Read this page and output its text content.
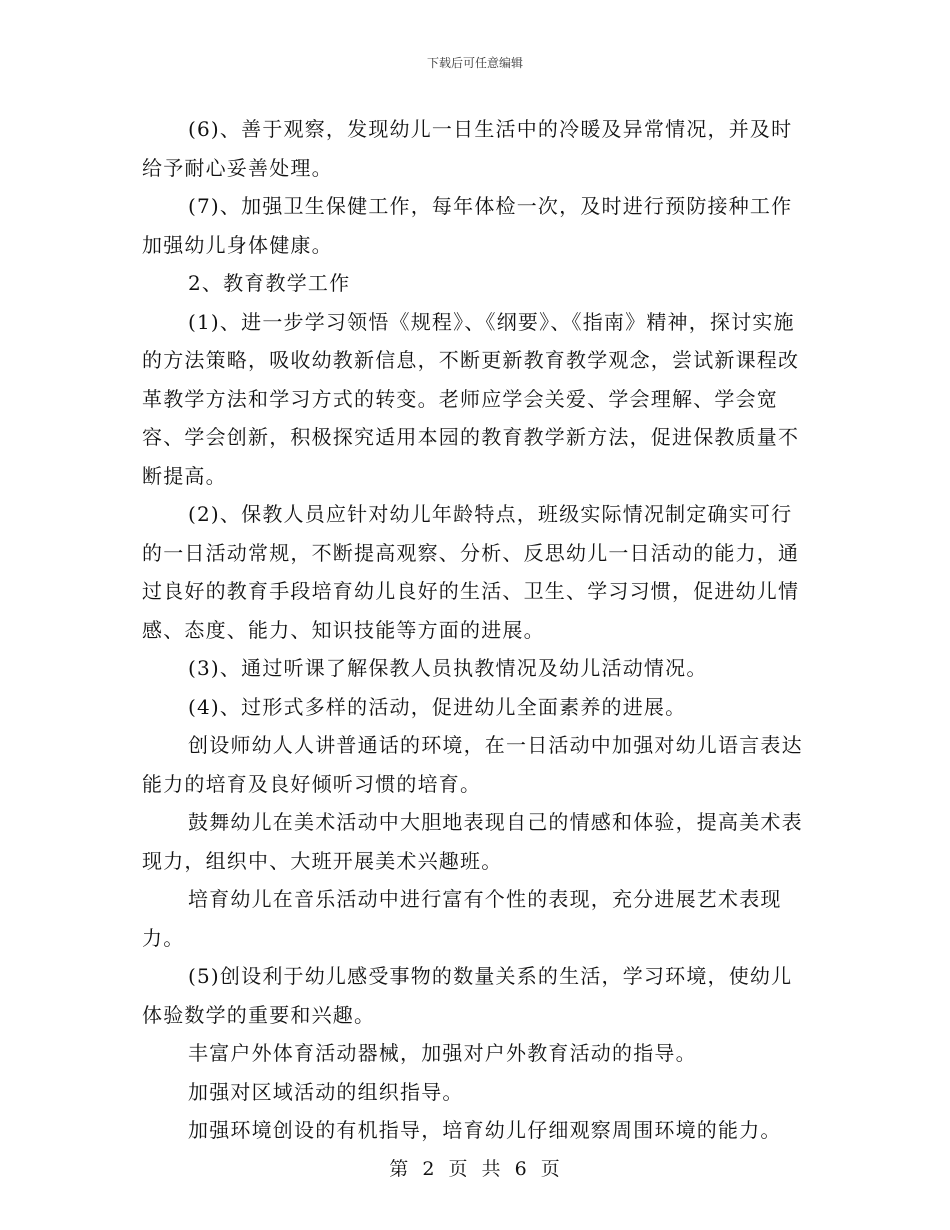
下载后可任意编辑

(6)、善于观察，发现幼儿一日生活中的冷暖及异常情况，并及时给予耐心妥善处理。

(7)、加强卫生保健工作，每年体检一次，及时进行预防接种工作加强幼儿身体健康。

2、教育教学工作

(1)、进一步学习领悟《规程》、《纲要》、《指南》精神，探讨实施的方法策略，吸收幼教新信息，不断更新教育教学观念，尝试新课程改革教学方法和学习方式的转变。老师应学会关爱、学会理解、学会宽容、学会创新，积极探究适用本园的教育教学新方法，促进保教质量不断提高。

(2)、保教人员应针对幼儿年龄特点，班级实际情况制定确实可行的一日活动常规，不断提高观察、分析、反思幼儿一日活动的能力，通过良好的教育手段培育幼儿良好的生活、卫生、学习习惯，促进幼儿情感、态度、能力、知识技能等方面的进展。

(3)、通过听课了解保教人员执教情况及幼儿活动情况。

(4)、过形式多样的活动，促进幼儿全面素养的进展。

创设师幼人人讲普通话的环境，在一日活动中加强对幼儿语言表达能力的培育及良好倾听习惯的培育。

鼓舞幼儿在美术活动中大胆地表现自己的情感和体验，提高美术表现力，组织中、大班开展美术兴趣班。

培育幼儿在音乐活动中进行富有个性的表现，充分进展艺术表现力。

(5)创设利于幼儿感受事物的数量关系的生活，学习环境，使幼儿体验数学的重要和兴趣。

丰富户外体育活动器械，加强对户外教育活动的指导。

加强对区域活动的组织指导。

加强环境创设的有机指导，培育幼儿仔细观察周围环境的能力。

第 2 页 共 6 页
